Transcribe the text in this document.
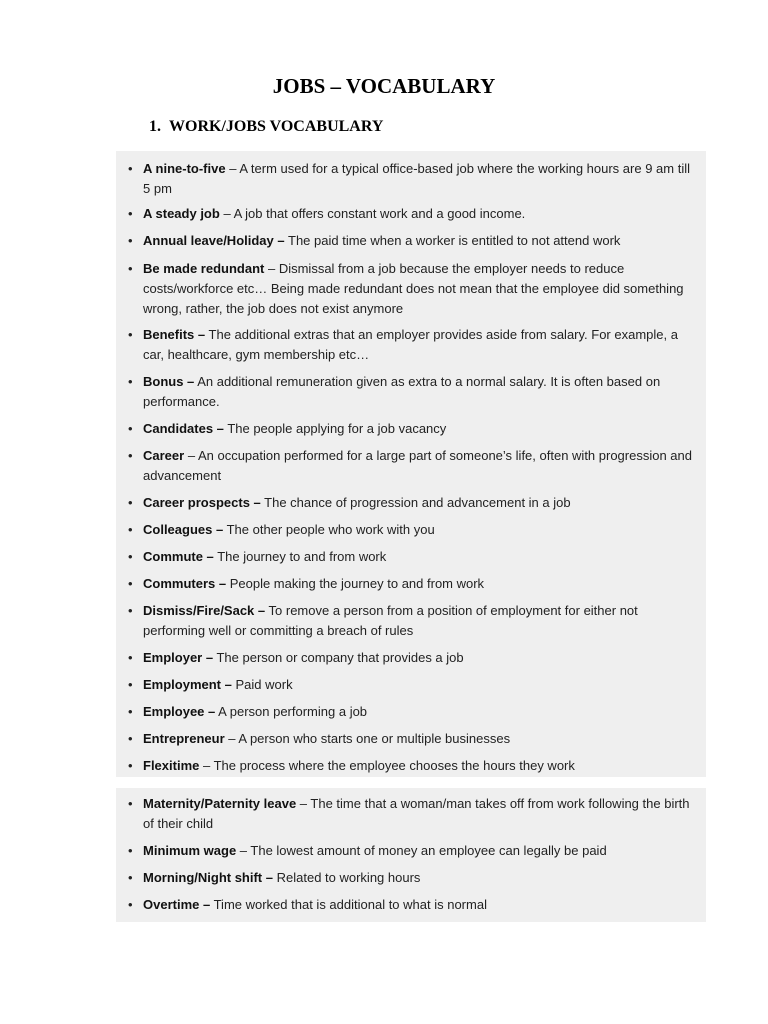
JOBS – VOCABULARY
1. WORK/JOBS VOCABULARY
• A nine-to-five – A term used for a typical office-based job where the working hours are 9 am till 5 pm
• A steady job – A job that offers constant work and a good income.
• Annual leave/Holiday – The paid time when a worker is entitled to not attend work
• Be made redundant – Dismissal from a job because the employer needs to reduce costs/workforce etc… Being made redundant does not mean that the employee did something wrong, rather, the job does not exist anymore
• Benefits – The additional extras that an employer provides aside from salary. For example, a car, healthcare, gym membership etc…
• Bonus – An additional remuneration given as extra to a normal salary. It is often based on performance.
• Candidates – The people applying for a job vacancy
• Career – An occupation performed for a large part of someone’s life, often with progression and advancement
• Career prospects – The chance of progression and advancement in a job
• Colleagues – The other people who work with you
• Commute – The journey to and from work
• Commuters – People making the journey to and from work
• Dismiss/Fire/Sack – To remove a person from a position of employment for either not performing well or committing a breach of rules
• Employer – The person or company that provides a job
• Employment – Paid work
• Employee – A person performing a job
• Entrepreneur – A person who starts one or multiple businesses
• Flexitime – The process where the employee chooses the hours they work
• Maternity/Paternity leave – The time that a woman/man takes off from work following the birth of their child
• Minimum wage – The lowest amount of money an employee can legally be paid
• Morning/Night shift – Related to working hours
• Overtime – Time worked that is additional to what is normal
